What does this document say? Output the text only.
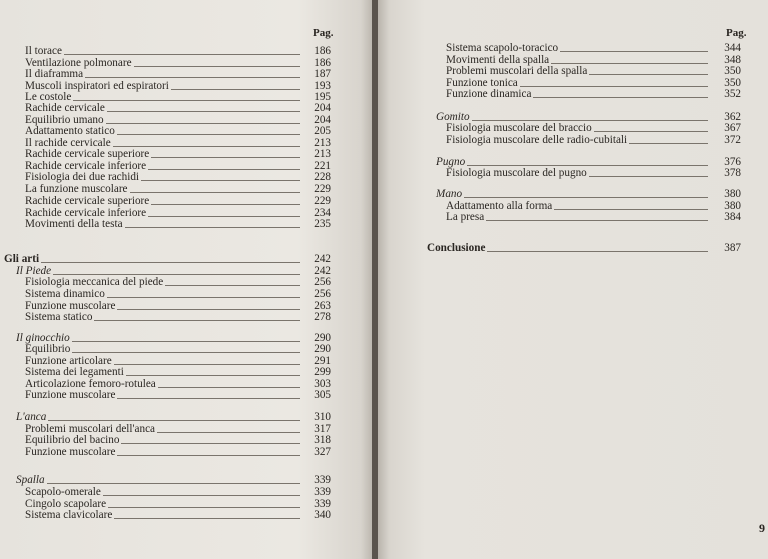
Pag.
Il torace	186
Ventilazione polmonare	186
Il diaframma	187
Muscoli inspiratori ed espiratori	193
Le costole	195
Rachide cervicale	204
Equilibrio umano	204
Adattamento statico	205
Il rachide cervicale	213
Rachide cervicale superiore	213
Rachide cervicale inferiore	221
Fisiologia dei due rachidi	228
La funzione muscolare	229
Rachide cervicale superiore	229
Rachide cervicale inferiore	234
Movimenti della testa	235
Gli arti	242
Il Piede	242
Fisiologia meccanica del piede	256
Sistema dinamico	256
Funzione muscolare	263
Sistema statico	278
Il ginocchio	290
Equilibrio	290
Funzione articolare	291
Sistema dei legamenti	299
Articolazione femoro-rotulea	303
Funzione muscolare	305
L'anca	310
Problemi muscolari dell'anca	317
Equilibrio del bacino	318
Funzione muscolare	327
Spalla	339
Scapolo-omerale	339
Cingolo scapolare	339
Sistema clavicolare	340
Pag.
Sistema scapolo-toracico	344
Movimenti della spalla	348
Problemi muscolari della spalla	350
Funzione tonica	350
Funzione dinamica	352
Gomito	362
Fisiologia muscolare del braccio	367
Fisiologia muscolare delle radio-cubitali	372
Pugno	376
Fisiologia muscolare del pugno	378
Mano	380
Adattamento alla forma	380
La presa	384
Conclusione	387
9
